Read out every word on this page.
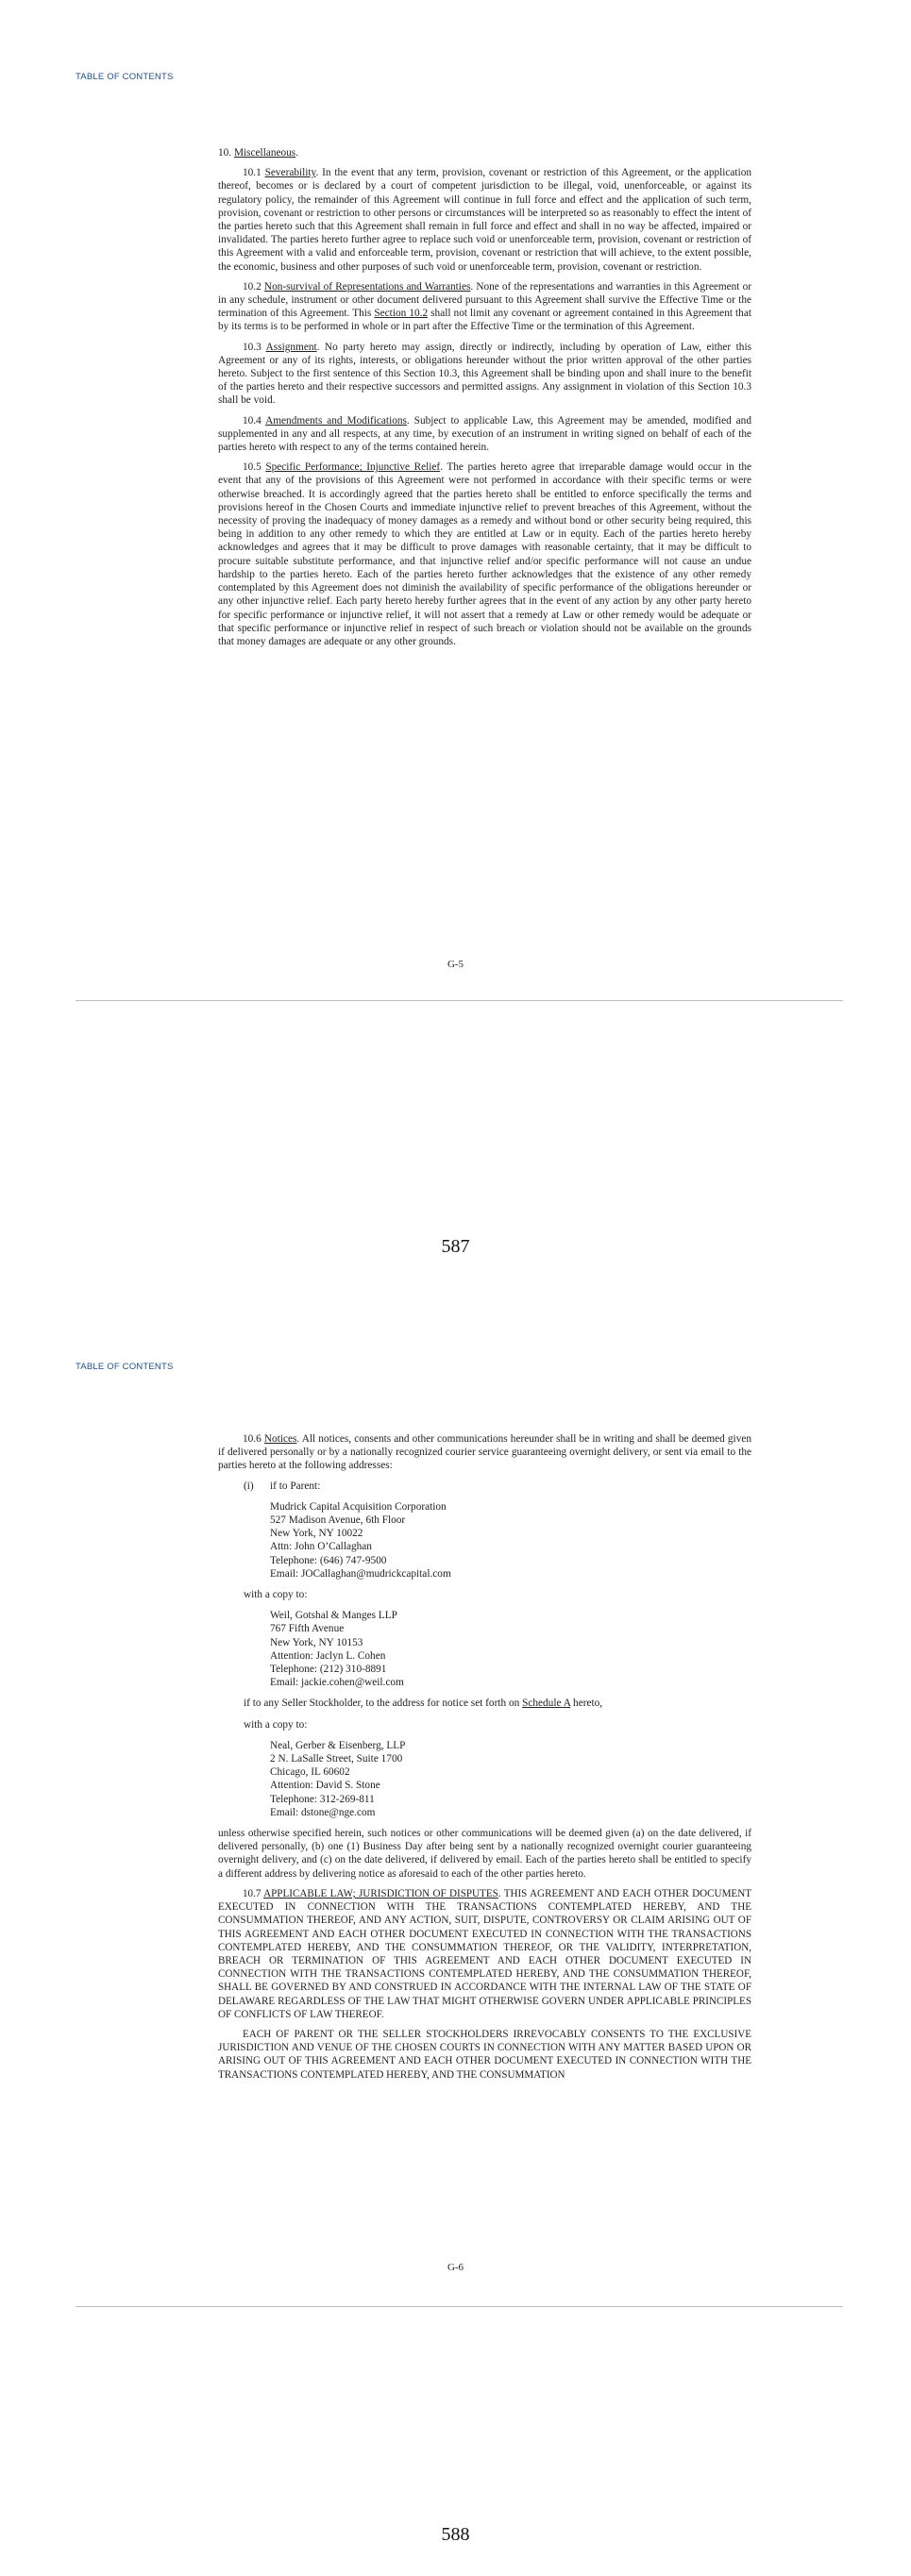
TABLE OF CONTENTS

10. Miscellaneous.

10.1 Severability. In the event that any term, provision, covenant or restriction of this Agreement, or the application thereof, becomes or is declared by a court of competent jurisdiction to be illegal, void, unenforceable, or against its regulatory policy, the remainder of this Agreement will continue in full force and effect and the application of such term, provision, covenant or restriction to other persons or circumstances will be interpreted so as reasonably to effect the intent of the parties hereto such that this Agreement shall remain in full force and effect and shall in no way be affected, impaired or invalidated. The parties hereto further agree to replace such void or unenforceable term, provision, covenant or restriction of this Agreement with a valid and enforceable term, provision, covenant or restriction that will achieve, to the extent possible, the economic, business and other purposes of such void or unenforceable term, provision, covenant or restriction.

10.2 Non-survival of Representations and Warranties. None of the representations and warranties in this Agreement or in any schedule, instrument or other document delivered pursuant to this Agreement shall survive the Effective Time or the termination of this Agreement. This Section 10.2 shall not limit any covenant or agreement contained in this Agreement that by its terms is to be performed in whole or in part after the Effective Time or the termination of this Agreement.

10.3 Assignment. No party hereto may assign, directly or indirectly, including by operation of Law, either this Agreement or any of its rights, interests, or obligations hereunder without the prior written approval of the other parties hereto. Subject to the first sentence of this Section 10.3, this Agreement shall be binding upon and shall inure to the benefit of the parties hereto and their respective successors and permitted assigns. Any assignment in violation of this Section 10.3 shall be void.

10.4 Amendments and Modifications. Subject to applicable Law, this Agreement may be amended, modified and supplemented in any and all respects, at any time, by execution of an instrument in writing signed on behalf of each of the parties hereto with respect to any of the terms contained herein.

10.5 Specific Performance; Injunctive Relief. The parties hereto agree that irreparable damage would occur in the event that any of the provisions of this Agreement were not performed in accordance with their specific terms or were otherwise breached. It is accordingly agreed that the parties hereto shall be entitled to enforce specifically the terms and provisions hereof in the Chosen Courts and immediate injunctive relief to prevent breaches of this Agreement, without the necessity of proving the inadequacy of money damages as a remedy and without bond or other security being required, this being in addition to any other remedy to which they are entitled at Law or in equity. Each of the parties hereto hereby acknowledges and agrees that it may be difficult to prove damages with reasonable certainty, that it may be difficult to procure suitable substitute performance, and that injunctive relief and/or specific performance will not cause an undue hardship to the parties hereto. Each of the parties hereto further acknowledges that the existence of any other remedy contemplated by this Agreement does not diminish the availability of specific performance of the obligations hereunder or any other injunctive relief. Each party hereto hereby further agrees that in the event of any action by any other party hereto for specific performance or injunctive relief, it will not assert that a remedy at Law or other remedy would be adequate or that specific performance or injunctive relief in respect of such breach or violation should not be available on the grounds that money damages are adequate or any other grounds.

G-5
587
TABLE OF CONTENTS

10.6 Notices. All notices, consents and other communications hereunder shall be in writing and shall be deemed given if delivered personally or by a nationally recognized courier service guaranteeing overnight delivery, or sent via email to the parties hereto at the following addresses:

(i) if to Parent:
Mudrick Capital Acquisition Corporation
527 Madison Avenue, 6th Floor
New York, NY 10022
Attn: John O’Callaghan
Telephone: (646) 747-9500
Email: JOCallaghan@mudrickcapital.com
with a copy to:
Weil, Gotshal & Manges LLP
767 Fifth Avenue
New York, NY 10153
Attention: Jaclyn L. Cohen
Telephone: (212) 310-8891
Email: jackie.cohen@weil.com
if to any Seller Stockholder, to the address for notice set forth on Schedule A hereto,
with a copy to:
Neal, Gerber & Eisenberg, LLP
2 N. LaSalle Street, Suite 1700
Chicago, IL 60602
Attention: David S. Stone
Telephone: 312-269-811
Email: dstone@nge.com

unless otherwise specified herein, such notices or other communications will be deemed given (a) on the date delivered, if delivered personally, (b) one (1) Business Day after being sent by a nationally recognized overnight courier guaranteeing overnight delivery, and (c) on the date delivered, if delivered by email. Each of the parties hereto shall be entitled to specify a different address by delivering notice as aforesaid to each of the other parties hereto.

10.7 APPLICABLE LAW; JURISDICTION OF DISPUTES. THIS AGREEMENT AND EACH OTHER DOCUMENT EXECUTED IN CONNECTION WITH THE TRANSACTIONS CONTEMPLATED HEREBY, AND THE CONSUMMATION THEREOF, AND ANY ACTION, SUIT, DISPUTE, CONTROVERSY OR CLAIM ARISING OUT OF THIS AGREEMENT AND EACH OTHER DOCUMENT EXECUTED IN CONNECTION WITH THE TRANSACTIONS CONTEMPLATED HEREBY, AND THE CONSUMMATION THEREOF, OR THE VALIDITY, INTERPRETATION, BREACH OR TERMINATION OF THIS AGREEMENT AND EACH OTHER DOCUMENT EXECUTED IN CONNECTION WITH THE TRANSACTIONS CONTEMPLATED HEREBY, AND THE CONSUMMATION THEREOF, SHALL BE GOVERNED BY AND CONSTRUED IN ACCORDANCE WITH THE INTERNAL LAW OF THE STATE OF DELAWARE REGARDLESS OF THE LAW THAT MIGHT OTHERWISE GOVERN UNDER APPLICABLE PRINCIPLES OF CONFLICTS OF LAW THEREOF.

EACH OF PARENT OR THE SELLER STOCKHOLDERS IRREVOCABLY CONSENTS TO THE EXCLUSIVE JURISDICTION AND VENUE OF THE CHOSEN COURTS IN CONNECTION WITH ANY MATTER BASED UPON OR ARISING OUT OF THIS AGREEMENT AND EACH OTHER DOCUMENT EXECUTED IN CONNECTION WITH THE TRANSACTIONS CONTEMPLATED HEREBY, AND THE CONSUMMATION

G-6
588
